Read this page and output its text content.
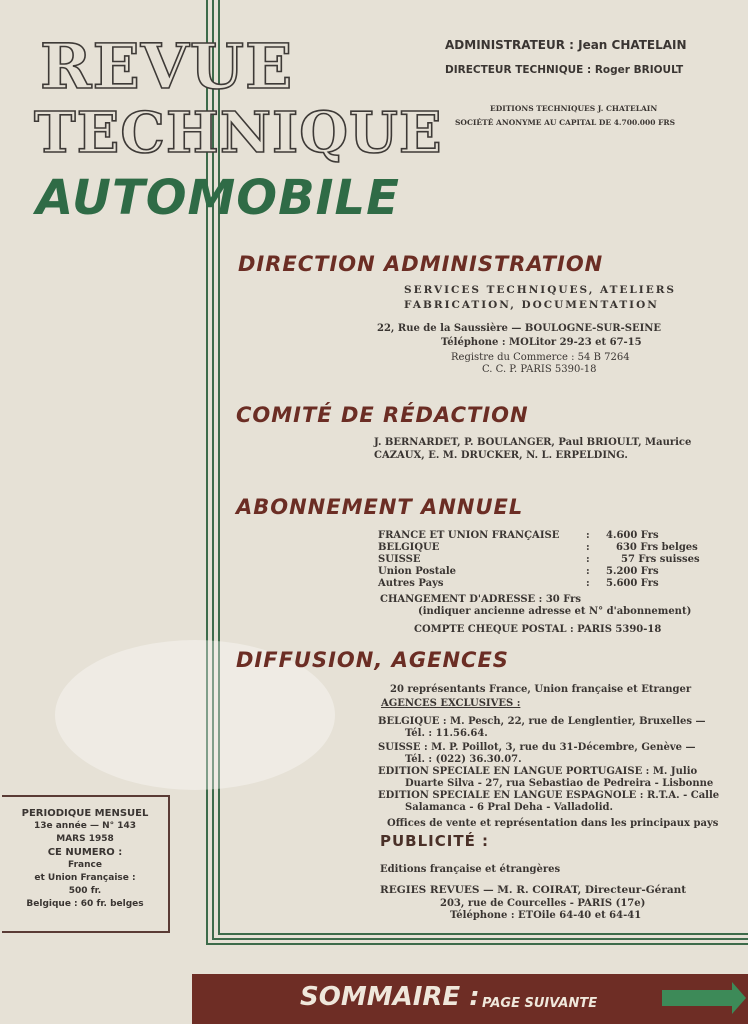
REVUE
TECHNIQUE
AUTOMOBILE
ADMINISTRATEUR : Jean CHATELAIN
DIRECTEUR TECHNIQUE : Roger BRIOULT
EDITIONS TECHNIQUES J. CHATELAIN
SOCIÉTÉ ANONYME AU CAPITAL DE 4.700.000 FRS
DIRECTION ADMINISTRATION
SERVICES TECHNIQUES, ATELIERS
FABRICATION, DOCUMENTATION
22, Rue de la Saussière — BOULOGNE-SUR-SEINE
Téléphone : MOLitor 29-23 et 67-15
Registre du Commerce : 54 B 7264
C. C. P. PARIS 5390-18
COMITÉ DE RÉDACTION
J. BERNARDET, P. BOULANGER, Paul BRIOULT, Maurice
CAZAUX, E. M. DRUCKER, N. L. ERPELDING.
ABONNEMENT ANNUEL
FRANCE ET UNION FRANÇAISE	: 4.600 Frs
BELGIQUE	:	630 Frs belges
SUISSE	:	57 Frs suisses
Union Postale	: 5.200 Frs
Autres Pays	: 5.600 Frs
CHANGEMENT D'ADRESSE : 30 Frs
(indiquer ancienne adresse et N° d'abonnement)
COMPTE CHEQUE POSTAL : PARIS 5390-18
DIFFUSION, AGENCES
20 représentants France, Union française et Etranger
AGENCES EXCLUSIVES :
BELGIQUE : M. Pesch, 22, rue de Lenglentier, Bruxelles —
Tél. : 11.56.64.
SUISSE : M. P. Poillot, 3, rue du 31-Décembre, Genève —
Tél. : (022) 36.30.07.
EDITION SPECIALE EN LANGUE PORTUGAISE : M. Julio
Duarte Silva - 27, rua Sebastiao de Pedreira - Lisbonne
EDITION SPECIALE EN LANGUE ESPAGNOLE : R.T.A. - Calle
Salamanca - 6 Pral Deha - Valladolid.
Offices de vente et représentation dans les principaux pays
PUBLICITÉ :
Editions française et étrangères
REGIES REVUES — M. R. COIRAT, Directeur-Gérant
203, rue de Courcelles - PARIS (17e)
Téléphone : ETOile 64-40 et 64-41
PERIODIQUE MENSUEL
13e année — N° 143
MARS 1958
CE NUMERO :
France
et Union Française :
500 fr.
Belgique : 60 fr. belges
SOMMAIRE : PAGE SUIVANTE
